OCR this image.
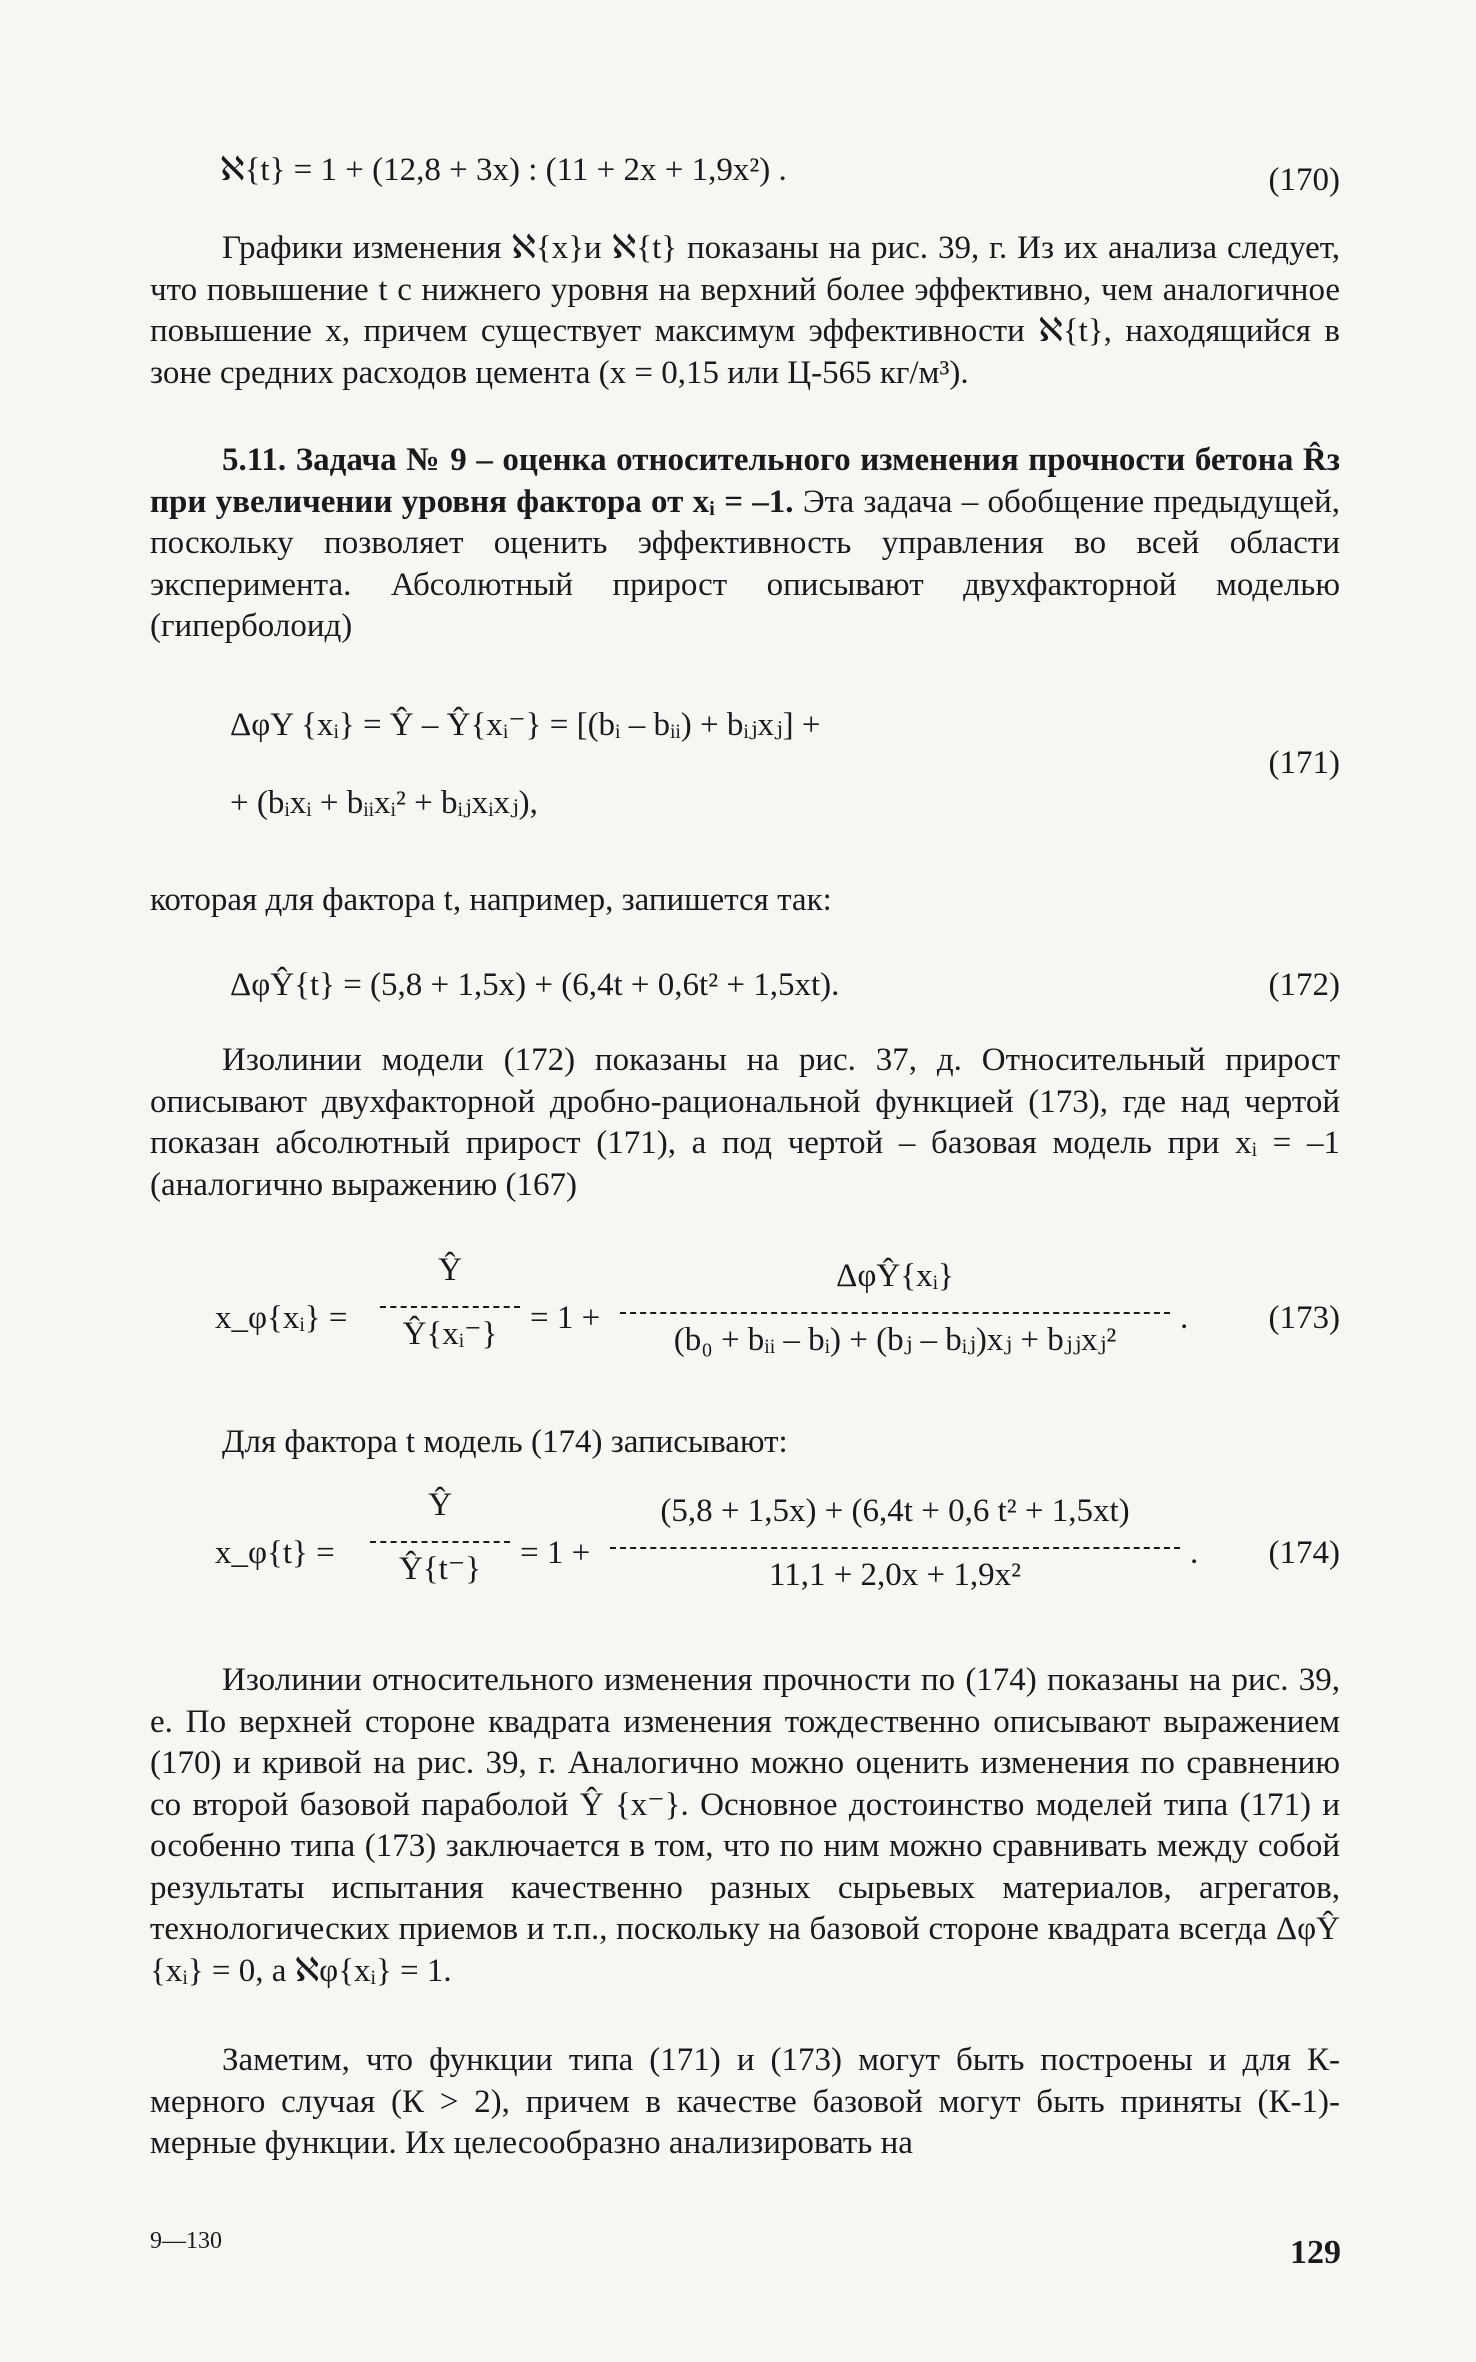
ℵ{t} = 1 + (12,8 + 3x) : (11 + 2x + 1,9x²) .	(170)

Графики изменения ℵ{x}и ℵ{t} показаны на рис. 39, г. Из их анализа следует, что повышение t с нижнего уровня на верхний более эффективно, чем аналогичное повышение x, причем существует максимум эффективности ℵ{t}, находящийся в зоне средних расходов цемента (x = 0,15 или Ц-565 кг/м³).

5.11. Задача № 9 – оценка относительного изменения прочности бетона R̂з при увеличении уровня фактора от xᵢ = –1. Эта задача – обобщение предыдущей, поскольку позволяет оценить эффективность управления во всей области эксперимента. Абсолютный прирост описывают двухфакторной моделью (гиперболоид)

ΔφY {xᵢ} = Ŷ – Ŷ{xᵢ⁻} = [(bᵢ – bᵢᵢ) + bᵢⱼxⱼ] +
+ (bᵢxᵢ + bᵢᵢxᵢ² + bᵢⱼxᵢxⱼ),
(171)

которая для фактора t, например, запишется так:

ΔφŶ{t} = (5,8 + 1,5x) + (6,4t + 0,6t² + 1,5xt).	(172)

Изолинии модели (172) показаны на рис. 37, д. Относительный прирост описывают двухфакторной дробно-рациональной функцией (173), где над чертой показан абсолютный прирост (171), а под чертой – базовая модель при xᵢ = –1 (аналогично выражению (167)

x_φ{xᵢ} =
Ŷ
Ŷ{xᵢ⁻} = 1 +
ΔφŶ{xᵢ}
(b₀ + bᵢᵢ – bᵢ) + (bⱼ – bᵢⱼ)xⱼ + bⱼⱼxⱼ²
. (173)

Для фактора t модель (174) записывают:

x_φ{t} =
Ŷ
Ŷ{t⁻}	= 1 +
(5,8 + 1,5x) + (6,4t + 0,6 t² + 1,5xt)
11,1 + 2,0x + 1,9x²
. (174)

Изолинии относительного изменения прочности по (174) показаны на рис. 39, е. По верхней стороне квадрата изменения тождественно описывают выражением (170) и кривой на рис. 39, г. Аналогично можно оценить изменения по сравнению со второй базовой параболой Ŷ {x⁻}. Основное достоинство моделей типа (171) и особенно типа (173) заключается в том, что по ним можно сравнивать между собой результаты испытания качественно разных сырьевых материалов, агрегатов, технологических приемов и т.п., поскольку на базовой стороне квадрата всегда ΔφŶ {xᵢ} = 0, а ℵφ{xᵢ} = 1.

Заметим, что функции типа (171) и (173) могут быть построены и для К-мерного случая (К > 2), причем в качестве базовой могут быть приняты (К-1)-мерные функции. Их целесообразно анализировать на

9—130	129
